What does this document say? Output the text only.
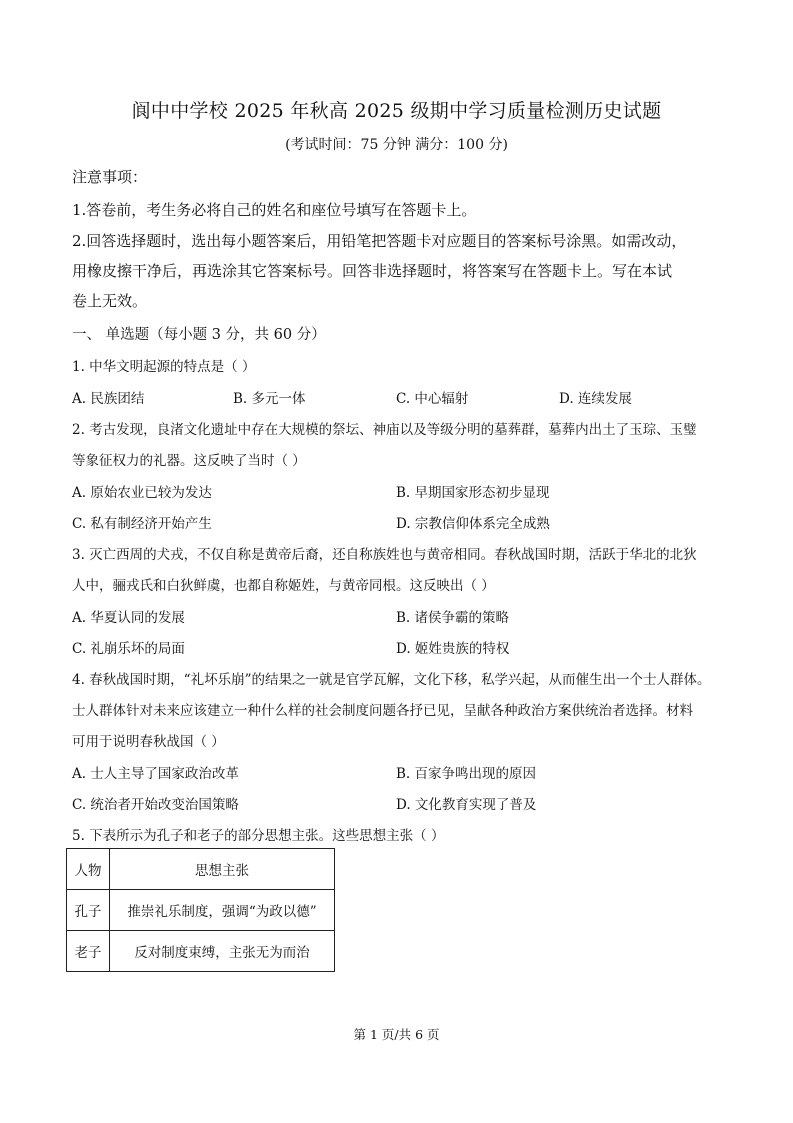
阆中中学校 2025 年秋高 2025 级期中学习质量检测历史试题
(考试时间：75 分钟 满分：100 分)
注意事项：
1.答卷前，考生务必将自己的姓名和座位号填写在答题卡上。
2.回答选择题时，选出每小题答案后，用铅笔把答题卡对应题目的答案标号涂黑。如需改动，
用橡皮擦干净后，再选涂其它答案标号。回答非选择题时，将答案写在答题卡上。写在本试
卷上无效。
一、 单选题（每小题 3 分，共 60 分）
1. 中华文明起源的特点是（ ）
A. 民族团结	B. 多元一体	C. 中心辐射	D. 连续发展
2. 考古发现，良渚文化遗址中存在大规模的祭坛、神庙以及等级分明的墓葬群，墓葬内出土了玉琮、玉璧
等象征权力的礼器。这反映了当时（ ）
A. 原始农业已较为发达	B. 早期国家形态初步显现
C. 私有制经济开始产生	D. 宗教信仰体系完全成熟
3. 灭亡西周的犬戎，不仅自称是黄帝后裔，还自称族姓也与黄帝相同。春秋战国时期，活跃于华北的北狄
人中，骊戎氏和白狄鲜虞，也都自称姬姓，与黄帝同根。这反映出（ ）
A. 华夏认同的发展	B. 诸侯争霸的策略
C. 礼崩乐坏的局面	D. 姬姓贵族的特权
4. 春秋战国时期，“礼坏乐崩”的结果之一就是官学瓦解，文化下移，私学兴起，从而催生出一个士人群体。
士人群体针对未来应该建立一种什么样的社会制度问题各抒已见，呈献各种政治方案供统治者选择。材料
可用于说明春秋战国（ ）
A. 士人主导了国家政治改革	B. 百家争鸣出现的原因
C. 统治者开始改变治国策略	D. 文化教育实现了普及
5. 下表所示为孔子和老子的部分思想主张。这些思想主张（ ）
人物	思想主张
孔子	推崇礼乐制度，强调“为政以德”
老子	反对制度束缚，主张无为而治
第 1 页/共 6 页
